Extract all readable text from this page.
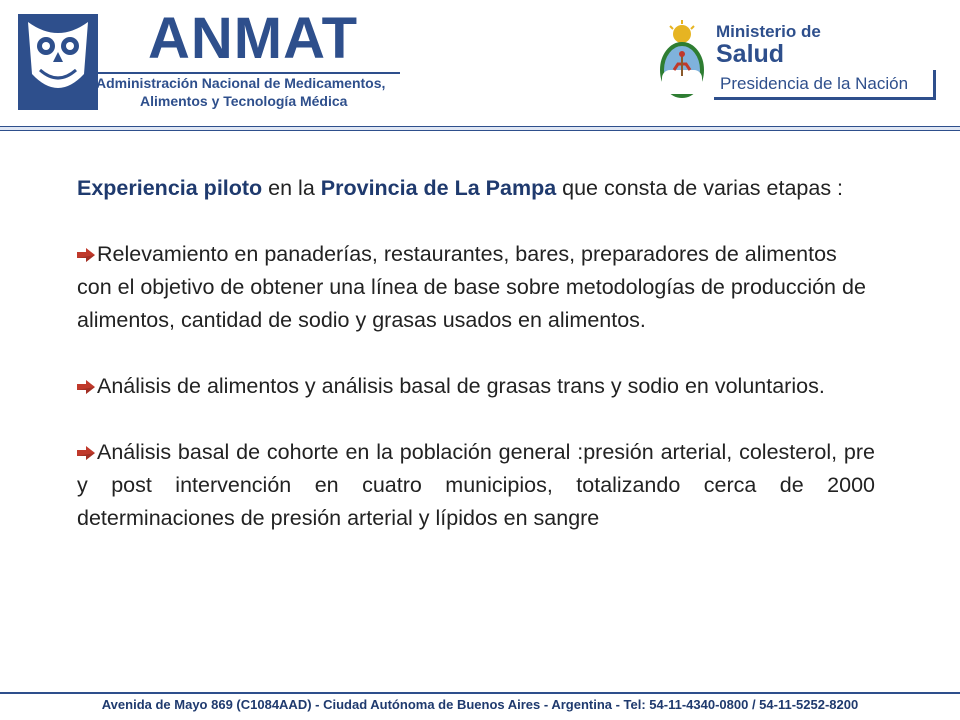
ANMAT
Administración Nacional de Medicamentos,
Alimentos y Tecnología Médica
Ministerio de
Salud
Presidencia de la Nación

Experiencia piloto en la Provincia de La Pampa que consta de varias etapas :

Relevamiento en panaderías, restaurantes, bares, preparadores de alimentos con el objetivo de obtener una línea de base sobre metodologías de producción de alimentos, cantidad de sodio y grasas usados en alimentos.

Análisis de alimentos y análisis basal de grasas trans y sodio en voluntarios.

Análisis basal de cohorte en la población general :presión arterial, colesterol, pre y post intervención en cuatro municipios, totalizando cerca de 2000 determinaciones de presión arterial y lípidos en sangre

Avenida de Mayo 869 (C1084AAD) - Ciudad Autónoma de Buenos Aires - Argentina - Tel: 54-11-4340-0800 / 54-11-5252-8200
